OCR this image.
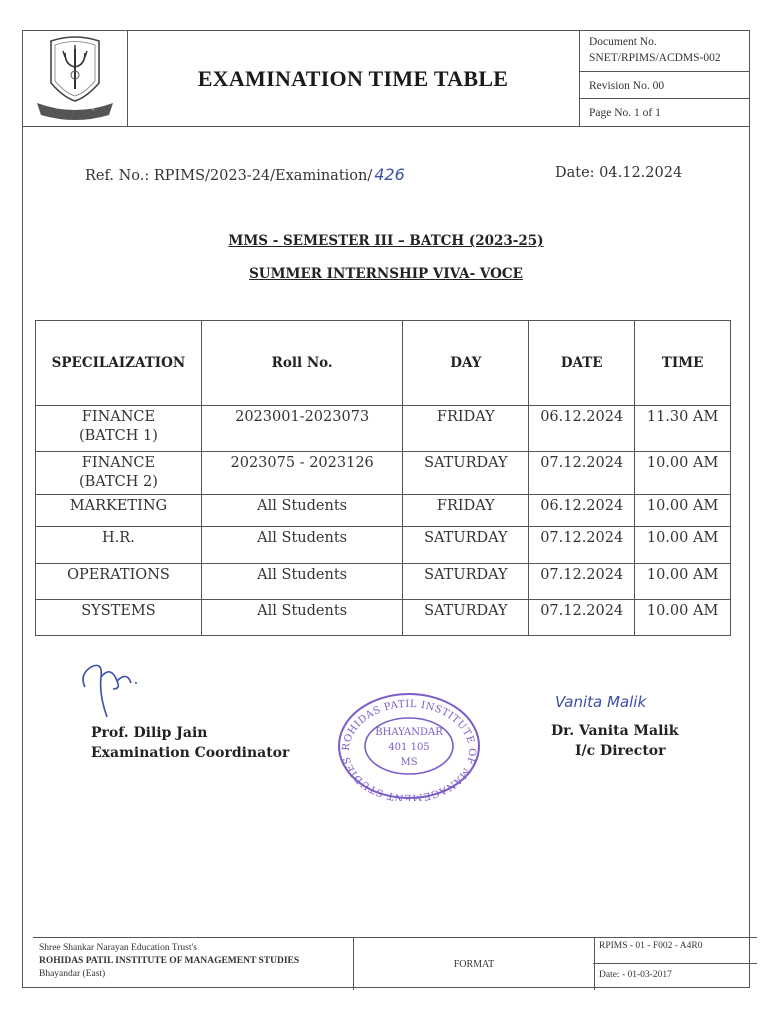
विद्या परम दैवतम्
EXAMINATION TIME TABLE
Document No.
SNET/RPIMS/ACDMS-002
Revision No. 00
Page No. 1 of 1
Ref. No.: RPIMS/2023-24/Examination/ 426	Date: 04.12.2024
MMS - SEMESTER III – BATCH (2023-25)
SUMMER INTERNSHIP VIVA- VOCE
SPECILAIZATION	Roll No.	DAY	DATE	TIME
FINANCE
(BATCH 1)	2023001-2023073	FRIDAY	06.12.2024	11.30 AM
FINANCE
(BATCH 2)	2023075 - 2023126	SATURDAY	07.12.2024	10.00 AM
MARKETING	All Students	FRIDAY	06.12.2024	10.00 AM
H.R.	All Students	SATURDAY	07.12.2024	10.00 AM
OPERATIONS	All Students	SATURDAY	07.12.2024	10.00 AM
SYSTEMS	All Students	SATURDAY	07.12.2024	10.00 AM
Prof. Dilip Jain
Examination Coordinator	ROHIDAS PATIL INSTITUTE OF MANAGEMENT STUDIES
BHAYANDAR
401 105
MS
Vanita Malik
Dr. Vanita Malik
I/c Director
Shree Shankar Narayan Education Trust's
ROHIDAS PATIL INSTITUTE OF MANAGEMENT STUDIES
Bhayandar (East)
FORMAT
RPIMS - 01 - F002 - A4R0
Date: - 01-03-2017
